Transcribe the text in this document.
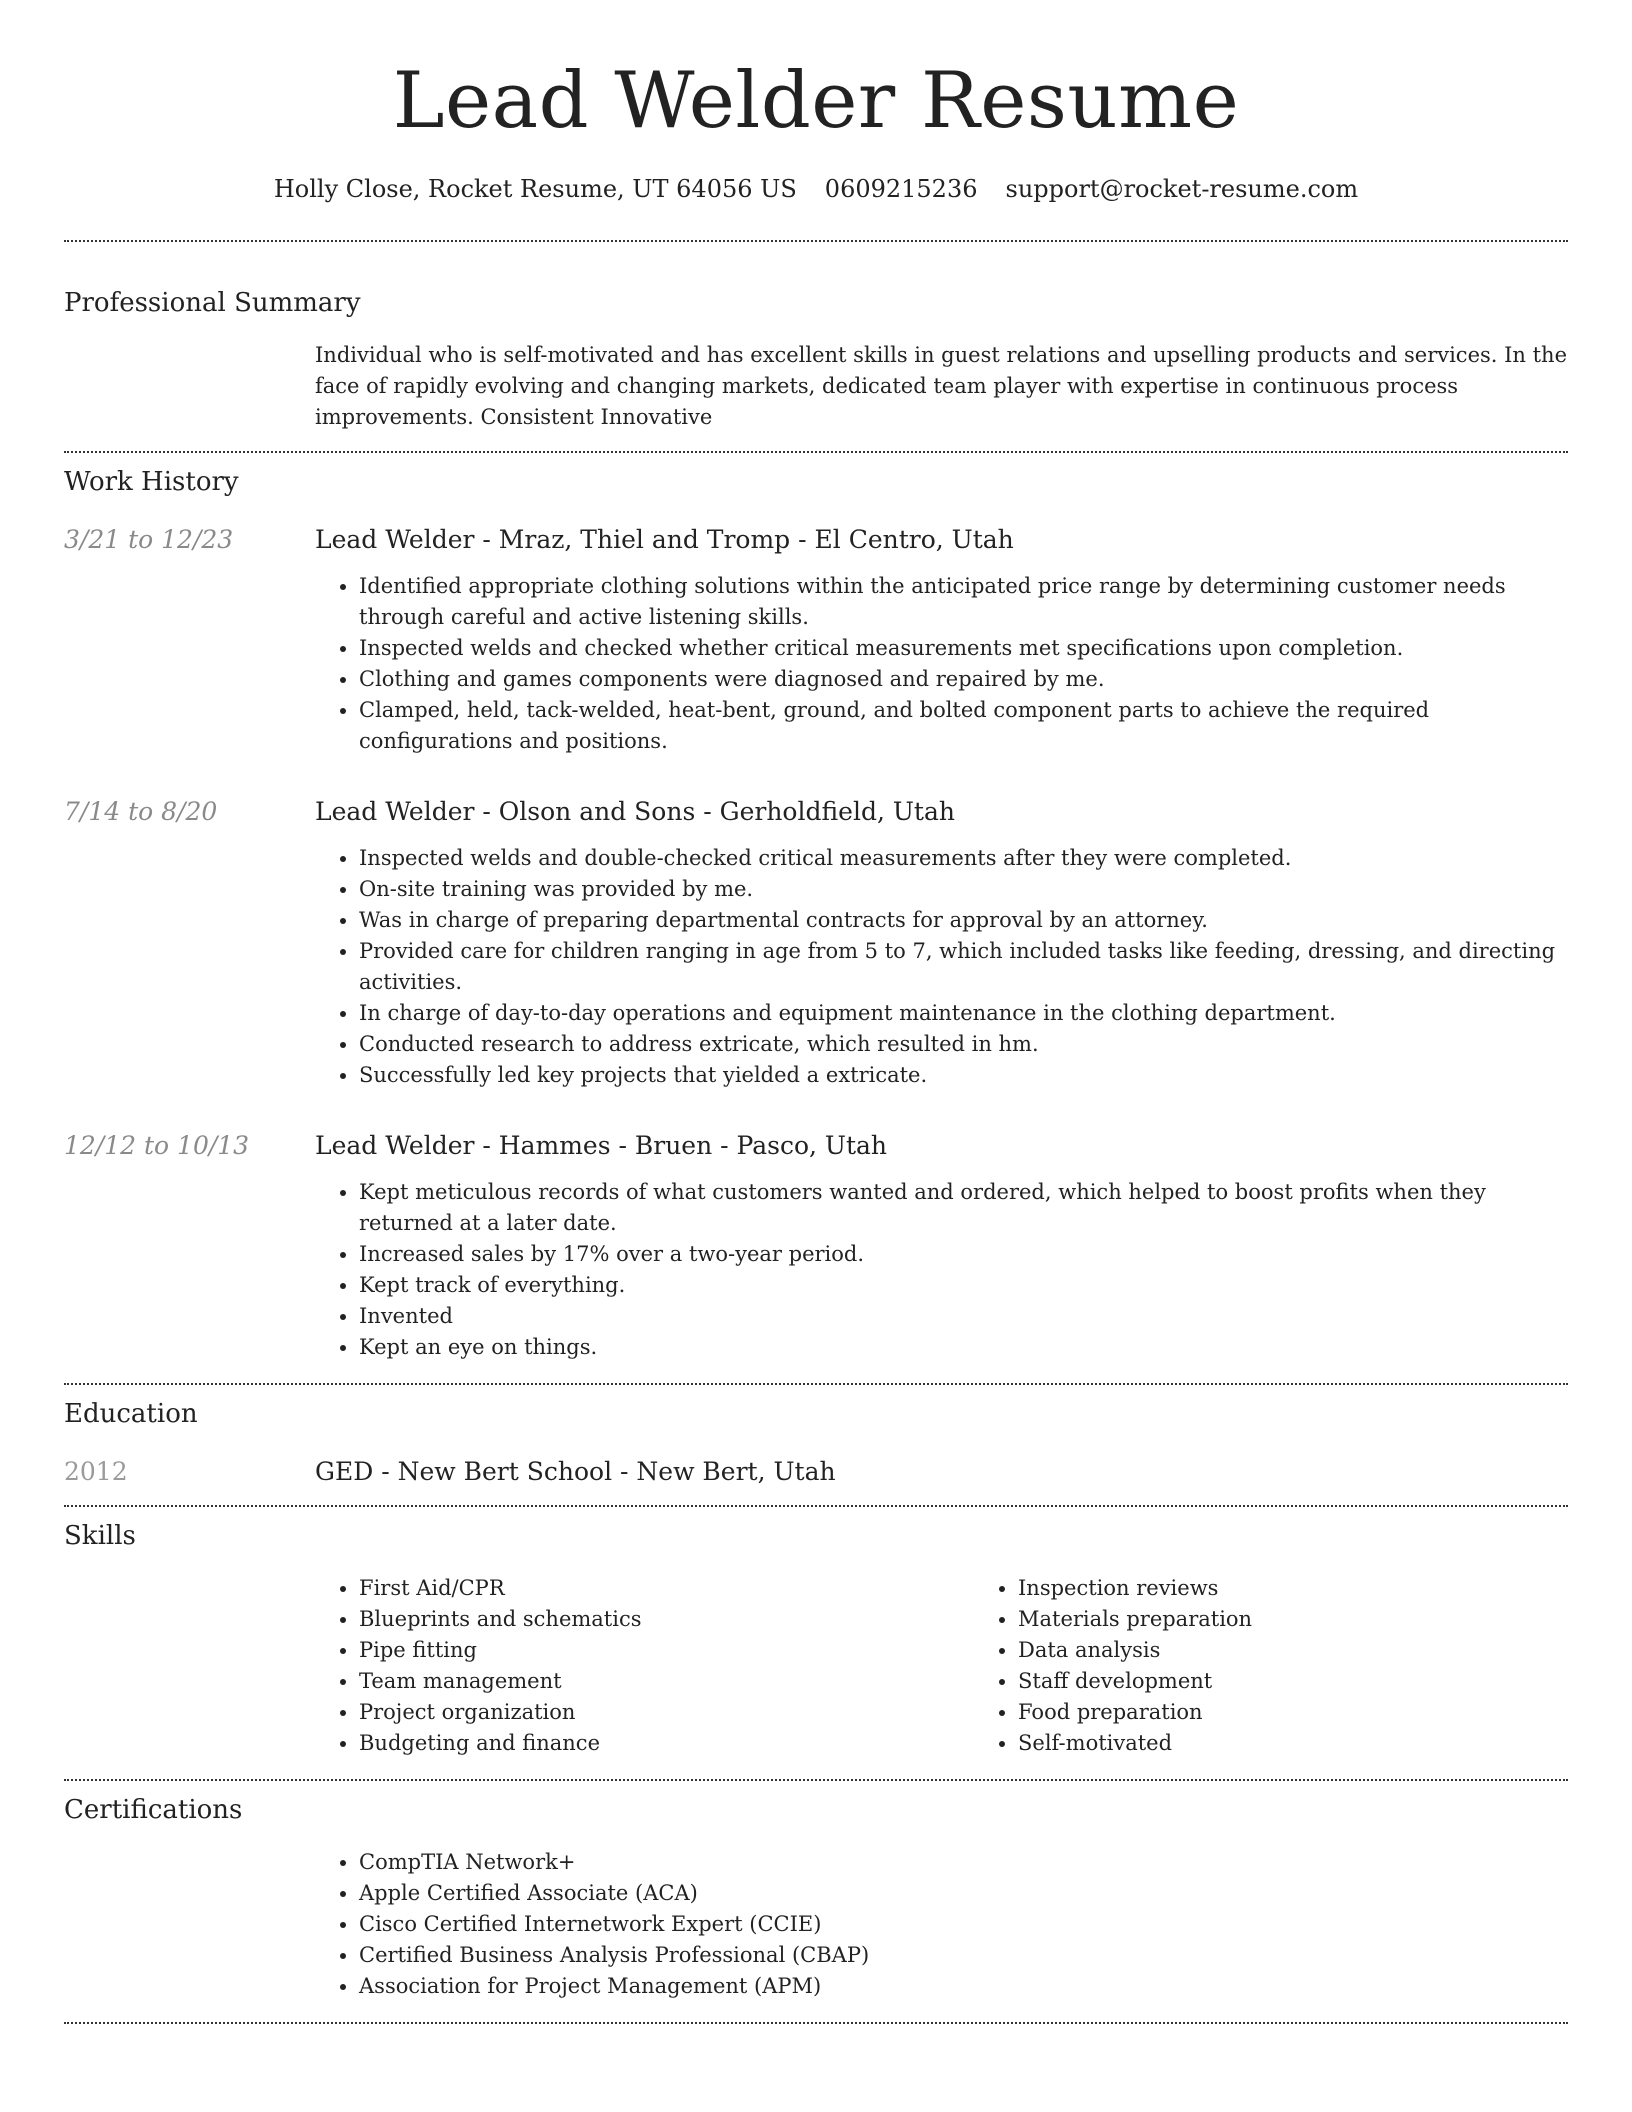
Lead Welder Resume
Holly Close, Rocket Resume, UT 64056 US 0609215236 support@rocket-resume.com
Professional Summary

Individual who is self-motivated and has excellent skills in guest relations and upselling products and services. In the face of rapidly evolving and changing markets, dedicated team player with expertise in continuous process improvements. Consistent Innovative

Work History
3/21 to 12/23	Lead Welder - Mraz, Thiel and Tromp - El Centro, Utah
• Identified appropriate clothing solutions within the anticipated price range by determining customer needs through careful and active listening skills.
• Inspected welds and checked whether critical measurements met specifications upon completion.
• Clothing and games components were diagnosed and repaired by me.
• Clamped, held, tack-welded, heat-bent, ground, and bolted component parts to achieve the required configurations and positions.
7/14 to 8/20	Lead Welder - Olson and Sons - Gerholdfield, Utah
• Inspected welds and double-checked critical measurements after they were completed.
• On-site training was provided by me.
• Was in charge of preparing departmental contracts for approval by an attorney.
• Provided care for children ranging in age from 5 to 7, which included tasks like feeding, dressing, and directing activities.
• In charge of day-to-day operations and equipment maintenance in the clothing department.
• Conducted research to address extricate, which resulted in hm.
• Successfully led key projects that yielded a extricate.
12/12 to 10/13	Lead Welder - Hammes - Bruen - Pasco, Utah
• Kept meticulous records of what customers wanted and ordered, which helped to boost profits when they returned at a later date.
• Increased sales by 17% over a two-year period.
• Kept track of everything.
• Invented
• Kept an eye on things.
Education
2012	GED - New Bert School - New Bert, Utah
Skills
• First Aid/CPR
• Blueprints and schematics
• Pipe fitting
• Team management
• Project organization
• Budgeting and finance
• Inspection reviews
• Materials preparation
• Data analysis
• Staff development
• Food preparation
• Self-motivated
Certifications
• CompTIA Network+
• Apple Certified Associate (ACA)
• Cisco Certified Internetwork Expert (CCIE)
• Certified Business Analysis Professional (CBAP)
• Association for Project Management (APM)
